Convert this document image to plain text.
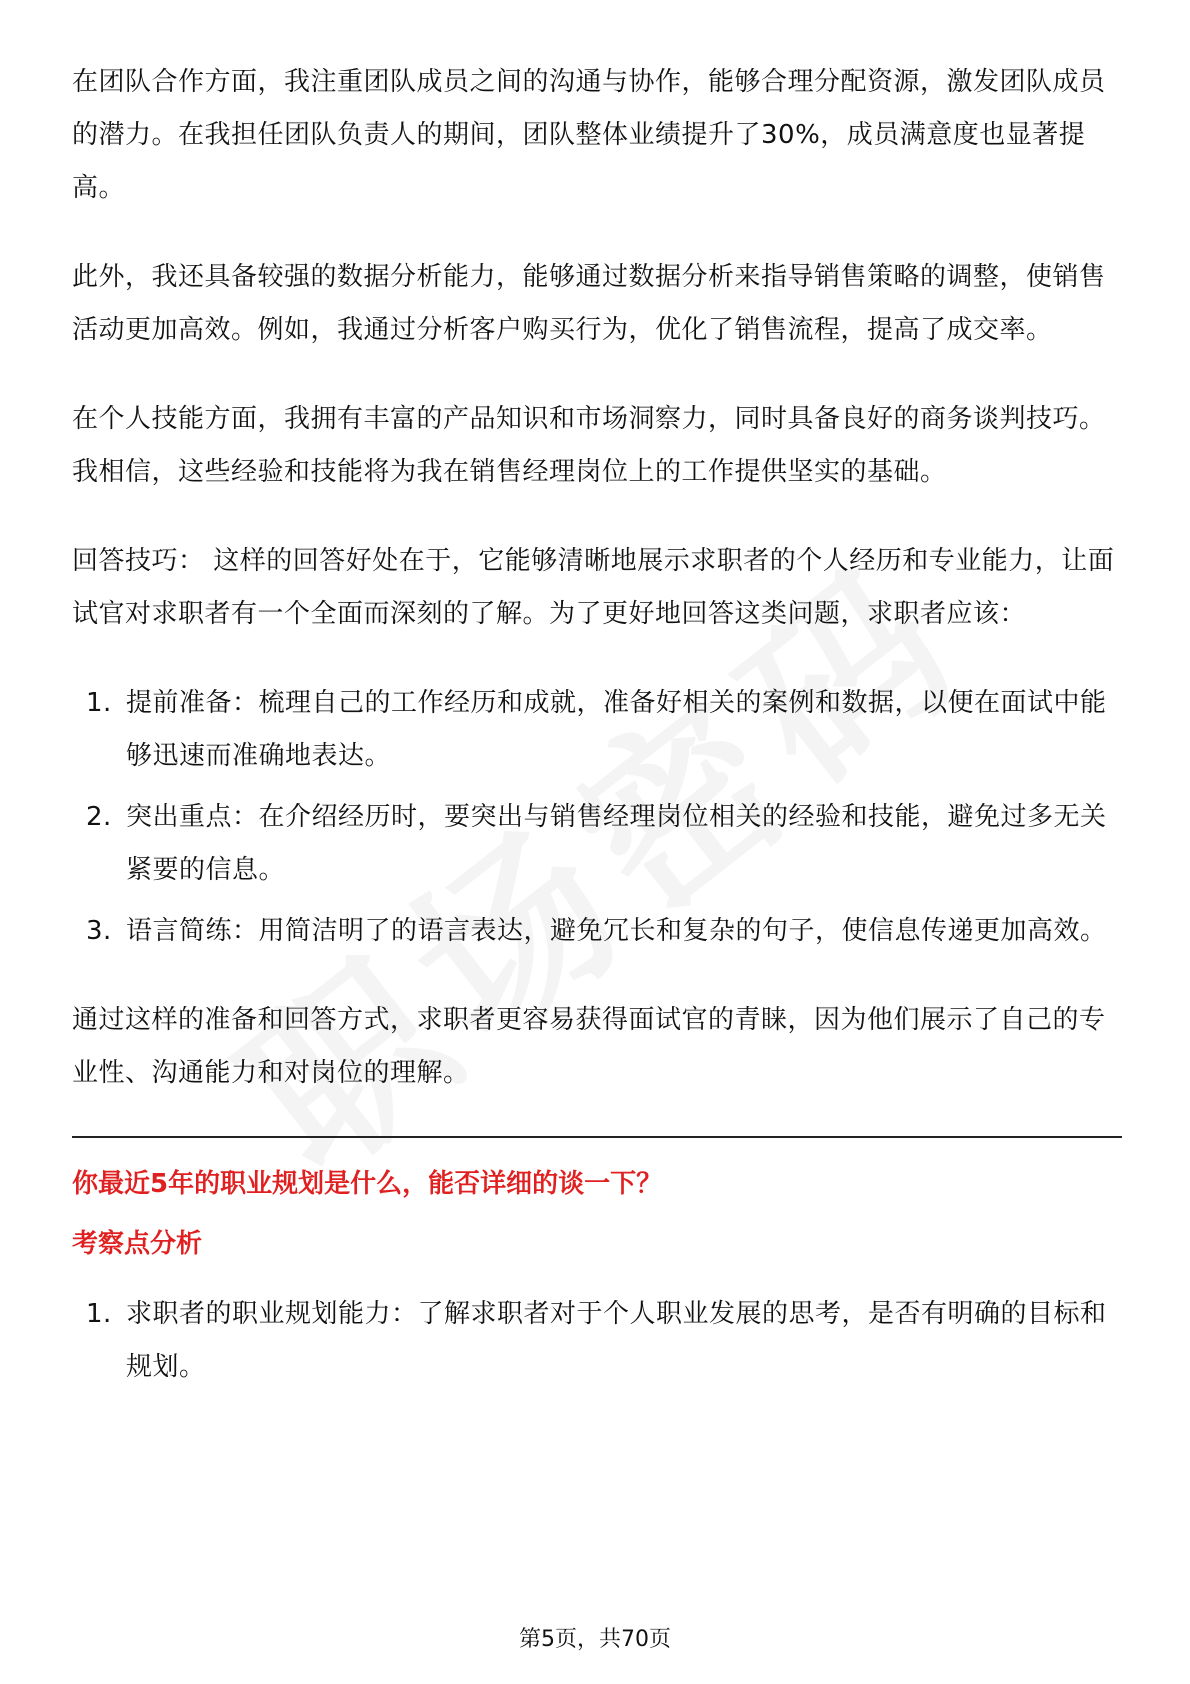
在团队合作方面，我注重团队成员之间的沟通与协作，能够合理分配资源，激发团队成员的潜力。在我担任团队负责人的期间，团队整体业绩提升了30%，成员满意度也显著提高。

此外，我还具备较强的数据分析能力，能够通过数据分析来指导销售策略的调整，使销售活动更加高效。例如，我通过分析客户购买行为，优化了销售流程，提高了成交率。

在个人技能方面，我拥有丰富的产品知识和市场洞察力，同时具备良好的商务谈判技巧。我相信，这些经验和技能将为我在销售经理岗位上的工作提供坚实的基础。

回答技巧： 这样的回答好处在于，它能够清晰地展示求职者的个人经历和专业能力，让面试官对求职者有一个全面而深刻的了解。为了更好地回答这类问题，求职者应该：

1. 提前准备：梳理自己的工作经历和成就，准备好相关的案例和数据，以便在面试中能够迅速而准确地表达。
2. 突出重点：在介绍经历时，要突出与销售经理岗位相关的经验和技能，避免过多无关紧要的信息。
3. 语言简练：用简洁明了的语言表达，避免冗长和复杂的句子，使信息传递更加高效。

通过这样的准备和回答方式，求职者更容易获得面试官的青睐，因为他们展示了自己的专业性、沟通能力和对岗位的理解。

你最近5年的职业规划是什么，能否详细的谈一下？
考察点分析
1. 求职者的职业规划能力：了解求职者对于个人职业发展的思考，是否有明确的目标和规划。
第5页，共70页
